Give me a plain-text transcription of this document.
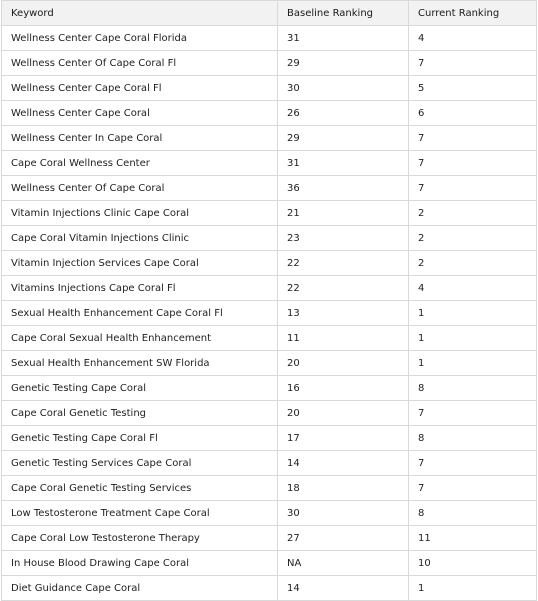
Keyword	Baseline Ranking	Current Ranking
Wellness Center Cape Coral Florida	31	4
Wellness Center Of Cape Coral Fl	29	7
Wellness Center Cape Coral Fl	30	5
Wellness Center Cape Coral	26	6
Wellness Center In Cape Coral	29	7
Cape Coral Wellness Center	31	7
Wellness Center Of Cape Coral	36	7
Vitamin Injections Clinic Cape Coral	21	2
Cape Coral Vitamin Injections Clinic	23	2
Vitamin Injection Services Cape Coral	22	2
Vitamins Injections Cape Coral Fl	22	4
Sexual Health Enhancement Cape Coral Fl	13	1
Cape Coral Sexual Health Enhancement	11	1
Sexual Health Enhancement SW Florida	20	1
Genetic Testing Cape Coral	16	8
Cape Coral Genetic Testing	20	7
Genetic Testing Cape Coral Fl	17	8
Genetic Testing Services Cape Coral	14	7
Cape Coral Genetic Testing Services	18	7
Low Testosterone Treatment Cape Coral	30	8
Cape Coral Low Testosterone Therapy	27	11
In House Blood Drawing Cape Coral	NA	10
Diet Guidance Cape Coral	14	1
